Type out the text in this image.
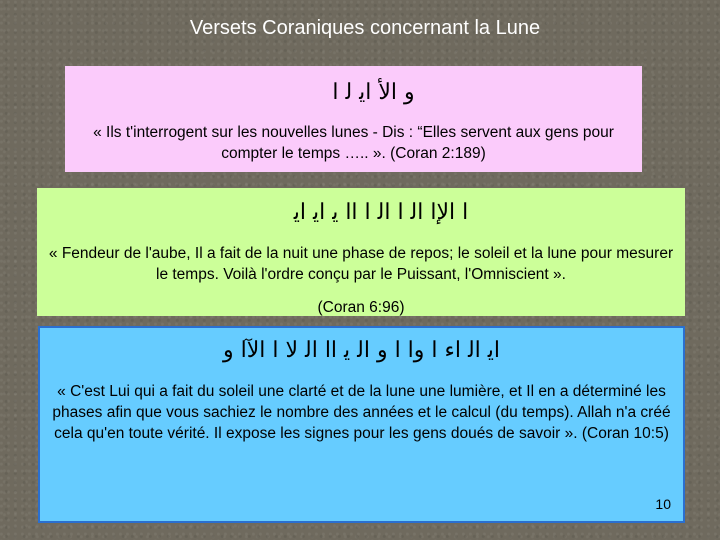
Versets Coraniques concernant la Lune
و الأ ﺍﻳ ﻟ ﺍ
« Ils t'interrogent sur les nouvelles lunes - Dis : “Elles servent aux gens pour compter le temps ….. ». (Coran 2:189)
ﺍ ﺍﻹﺍ ﺍﻟ ﺍ ﺍﻟ ﺍ ﺍﺍ ﻳ ﺍﻳ ﺍﻳ
« Fendeur de l'aube, Il a fait de la nuit une phase de repos; le soleil et la lune pour mesurer le temps. Voilà l'ordre conçu par le Puissant, l'Omniscient ».
(Coran 6:96)
ﺍﻳ ﺍﻟ ﺍﺀ ﺍ ﻭﺍ ﺍ ﻭ ﺍﻟ ﻳ ﺍﺍ ﺍﻟ ﻻ ﺍ ﺍﻵﺍ ﻭ
« C'est Lui qui a fait du soleil une clarté et de la lune une lumière, et Il en a déterminé les phases afin que vous sachiez le nombre des années et le calcul (du temps). Allah n'a créé cela qu'en toute vérité. Il expose les signes pour les gens doués de savoir ». (Coran 10:5)
10
